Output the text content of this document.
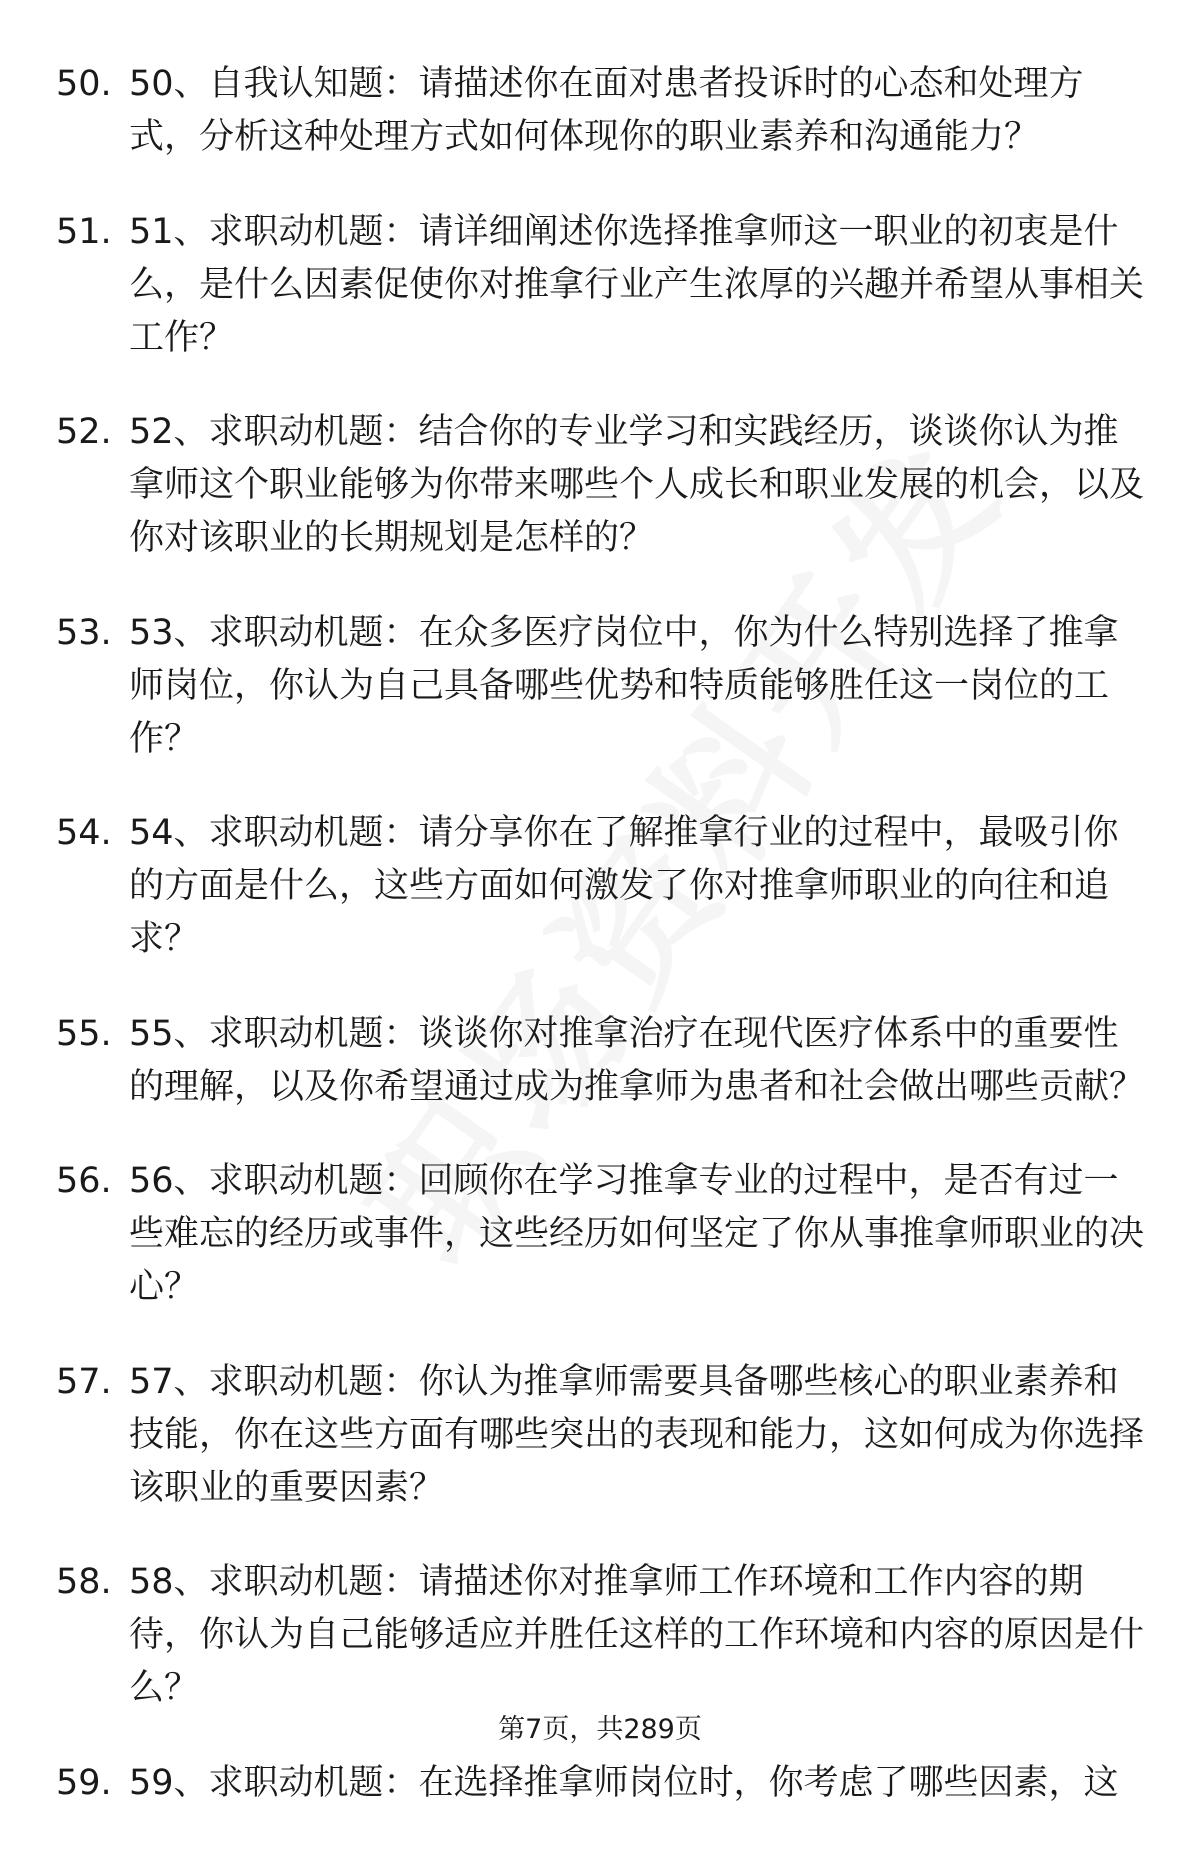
50. 50、自我认知题：请描述你在面对患者投诉时的心态和处理方式，分析这种处理方式如何体现你的职业素养和沟通能力？
51. 51、求职动机题：请详细阐述你选择推拿师这一职业的初衷是什么，是什么因素促使你对推拿行业产生浓厚的兴趣并希望从事相关工作？
52. 52、求职动机题：结合你的专业学习和实践经历，谈谈你认为推拿师这个职业能够为你带来哪些个人成长和职业发展的机会，以及你对该职业的长期规划是怎样的？
53. 53、求职动机题：在众多医疗岗位中，你为什么特别选择了推拿师岗位，你认为自己具备哪些优势和特质能够胜任这一岗位的工作？
54. 54、求职动机题：请分享你在了解推拿行业的过程中，最吸引你的方面是什么，这些方面如何激发了你对推拿师职业的向往和追求？
55. 55、求职动机题：谈谈你对推拿治疗在现代医疗体系中的重要性的理解，以及你希望通过成为推拿师为患者和社会做出哪些贡献？
56. 56、求职动机题：回顾你在学习推拿专业的过程中，是否有过一些难忘的经历或事件，这些经历如何坚定了你从事推拿师职业的决心？
57. 57、求职动机题：你认为推拿师需要具备哪些核心的职业素养和技能，你在这些方面有哪些突出的表现和能力，这如何成为你选择该职业的重要因素？
58. 58、求职动机题：请描述你对推拿师工作环境和工作内容的期待，你认为自己能够适应并胜任这样的工作环境和内容的原因是什么？
59. 59、求职动机题：在选择推拿师岗位时，你考虑了哪些因素，这
第7页，共289页
